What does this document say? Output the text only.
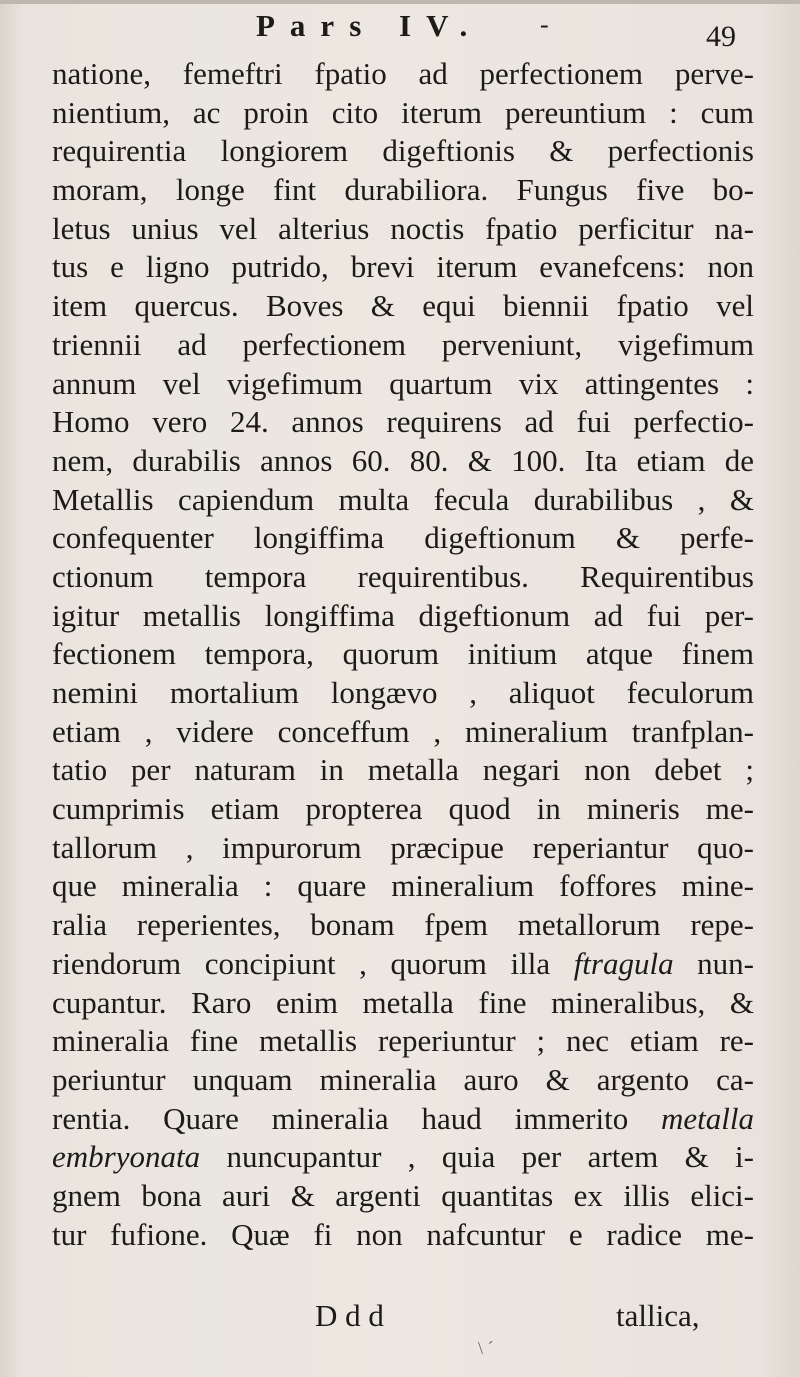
Pars IV. -	49
natione, femeftri fpatio ad perfectionem perve-
nientium, ac proin cito iterum pereuntium : cum
requirentia longiorem digeftionis & perfectionis
moram, longe fint durabiliora. Fungus five bo-
letus unius vel alterius noctis fpatio perficitur na-
tus e ligno putrido, brevi iterum evanefcens: non
item quercus. Boves & equi biennii fpatio vel
triennii ad perfectionem perveniunt, vigefimum
annum vel vigefimum quartum vix attingentes :
Homo vero 24. annos requirens ad fui perfectio-
nem, durabilis annos 60. 80. & 100. Ita etiam de
Metallis capiendum multa fecula durabilibus , &
confequenter longiffima digeftionum & perfe-
ctionum tempora requirentibus. Requirentibus
igitur metallis longiffima digeftionum ad fui per-
fectionem tempora, quorum initium atque finem
nemini mortalium longævo , aliquot feculorum
etiam , videre conceffum , mineralium tranfplan-
tatio per naturam in metalla negari non debet ;
cumprimis etiam propterea quod in mineris me-
tallorum , impurorum præcipue reperiantur quo-
que mineralia : quare mineralium foffores mine-
ralia reperientes, bonam fpem metallorum repe-
riendorum concipiunt , quorum illa ftragula nun-
cupantur. Raro enim metalla fine mineralibus, &
mineralia fine metallis reperiuntur ; nec etiam re-
periuntur unquam mineralia auro & argento ca-
rentia. Quare mineralia haud immerito metalla
embryonata nuncupantur , quia per artem & i-
gnem bona auri & argenti quantitas ex illis elici-
tur fufione. Quæ fi non nafcuntur e radice me-
D d d	tallica,
\ ´
